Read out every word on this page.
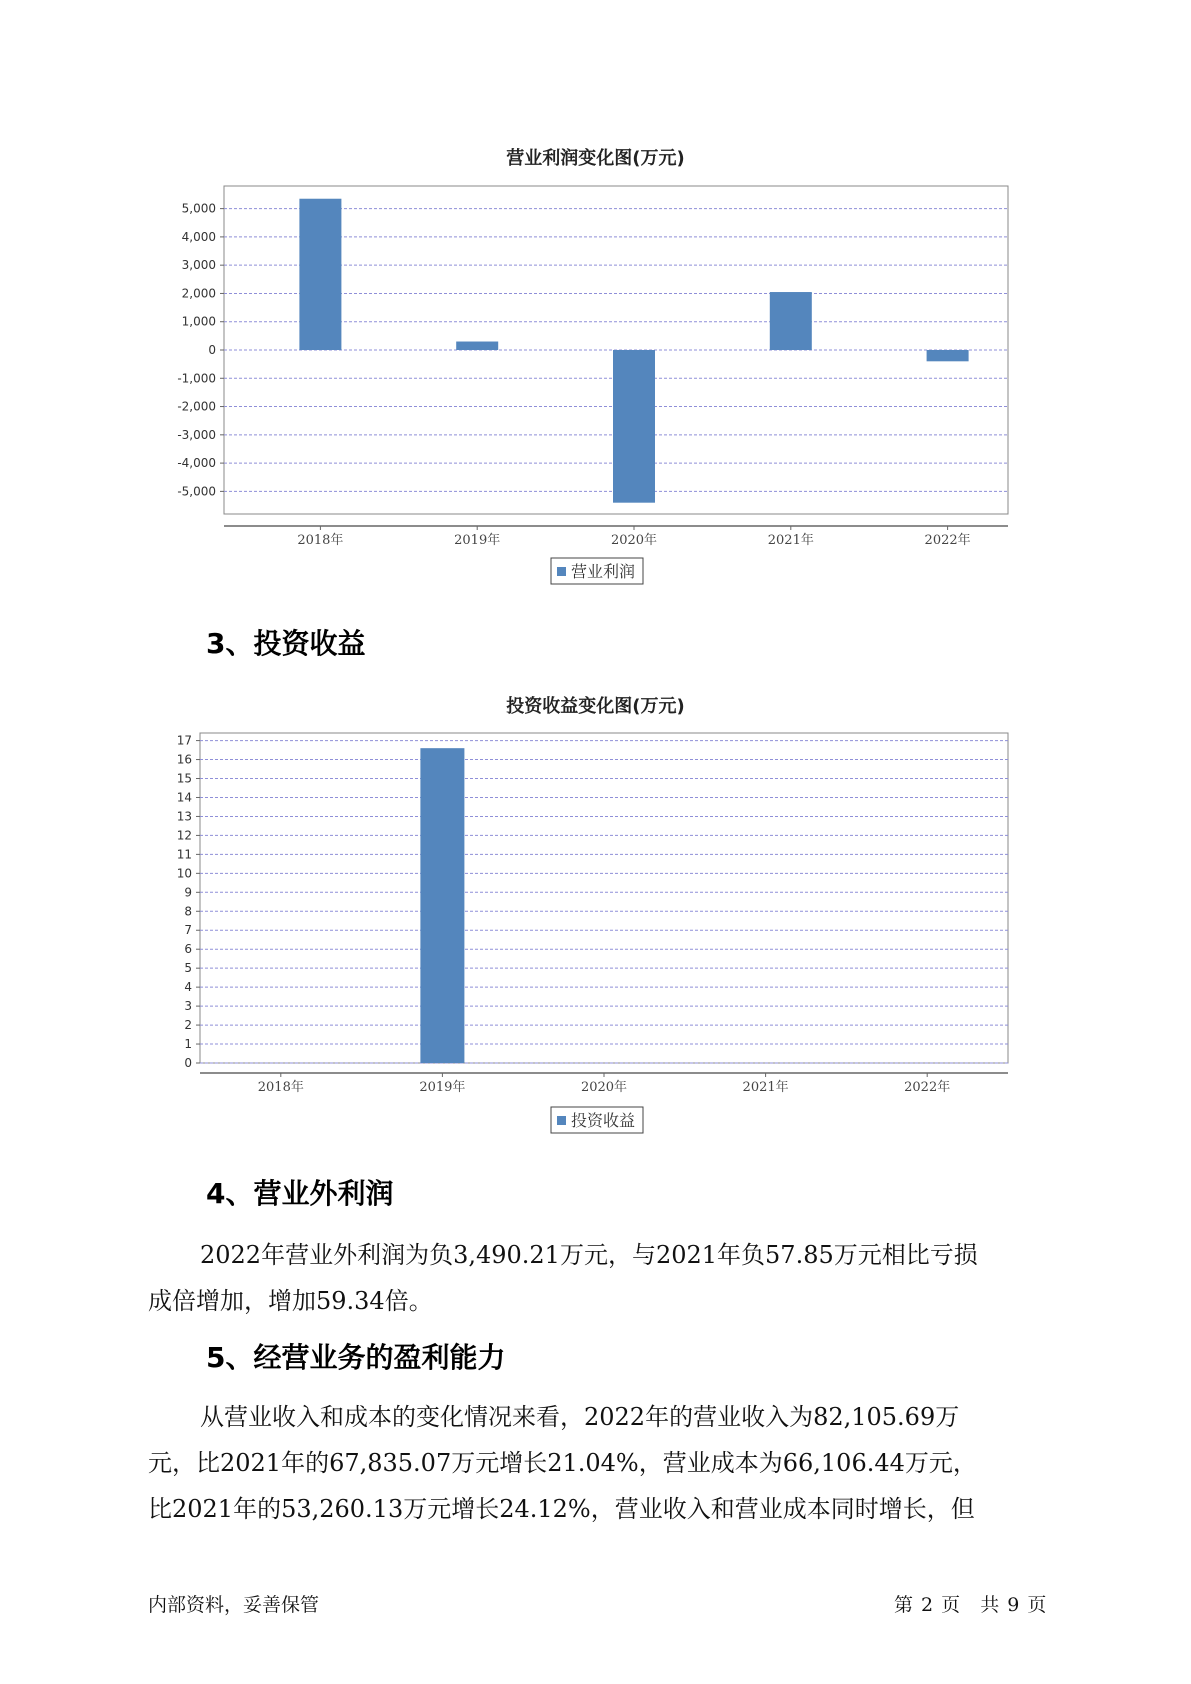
营业利润变化图(万元)
5,000
4,000
3,000
2,000
1,000
0
-1,000
-2,000
-3,000
-4,000
-5,000
2018年	2019年	2020年	2021年	2022年
营业利润
3、投资收益
投资收益变化图(万元)
17
16
15
14
13
12
11
10
9
8
7
6
5
4
3
2
1
0
2018年	2019年	2020年	2021年	2022年
投资收益
4、营业外利润

2022年营业外利润为负3,490.21万元，与2021年负57.85万元相比亏损

成倍增加，增加59.34倍。

5、经营业务的盈利能力

从营业收入和成本的变化情况来看，2022年的营业收入为82,105.69万

元，比2021年的67,835.07万元增长21.04%，营业成本为66,106.44万元，

比2021年的53,260.13万元增长24.12%，营业收入和营业成本同时增长，但

内部资料，妥善保管	第 2 页 共 9 页
